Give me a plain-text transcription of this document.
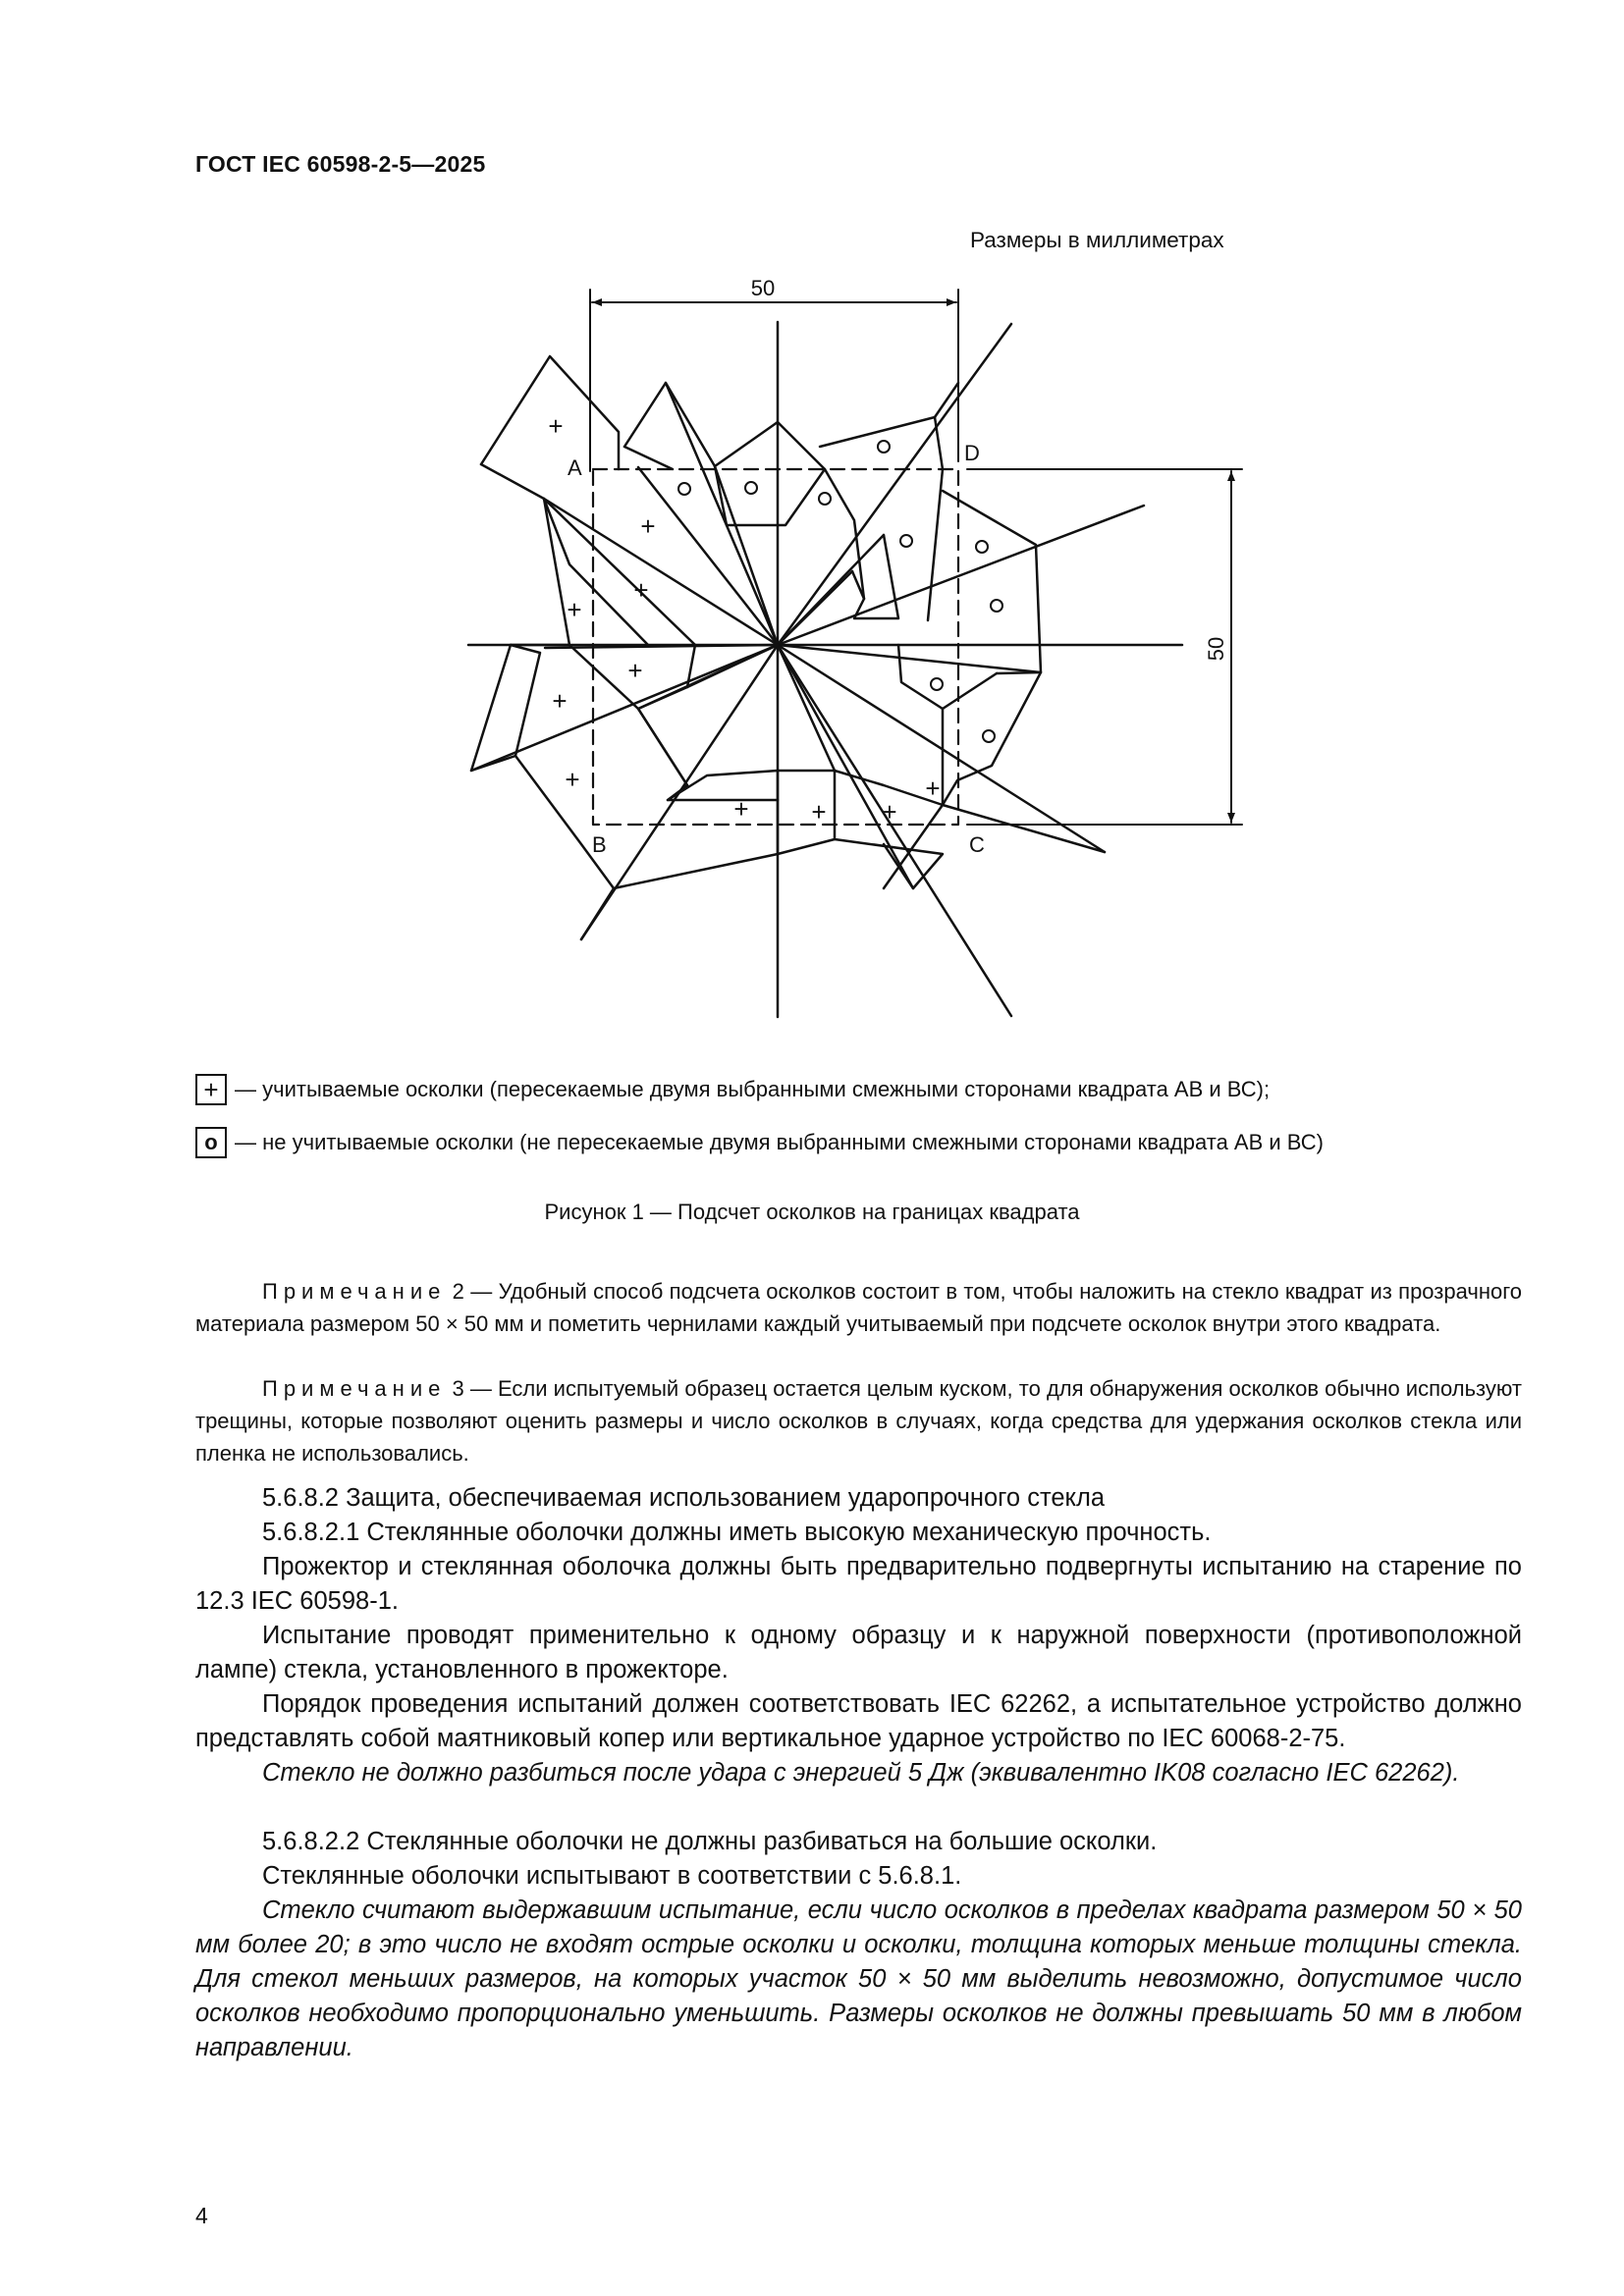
ГОСТ IEC 60598-2-5—2025
Размеры в миллиметрах
+
+
+
+
+
+
+
+ + +
+
50
50
A
B	C
D
+ — учитываемые осколки (пересекаемые двумя выбранными смежными сторонами квадрата АВ и ВС);
о — не учитываемые осколки (не пересекаемые двумя выбранными смежными сторонами квадрата АВ и ВС)
Рисунок 1 — Подсчет осколков на границах квадрата
Примечание 2 — Удобный способ подсчета осколков состоит в том, чтобы наложить на стекло квадрат из прозрачного материала размером 50 × 50 мм и пометить чернилами каждый учитываемый при подсчете осколок внутри этого квадрата.
Примечание 3 — Если испытуемый образец остается целым куском, то для обнаружения осколков обычно используют трещины, которые позволяют оценить размеры и число осколков в случаях, когда средства для удержания осколков стекла или пленка не использовались.
5.6.8.2 Защита, обеспечиваемая использованием ударопрочного стекла
5.6.8.2.1 Стеклянные оболочки должны иметь высокую механическую прочность.
Прожектор и стеклянная оболочка должны быть предварительно подвергнуты испытанию на старение по 12.3 IEC 60598-1.
Испытание проводят применительно к одному образцу и к наружной поверхности (противоположной лампе) стекла, установленного в прожекторе.
Порядок проведения испытаний должен соответствовать IEC 62262, а испытательное устройство должно представлять собой маятниковый копер или вертикальное ударное устройство по IEC 60068-2-75.
Стекло не должно разбиться после удара с энергией 5 Дж (эквивалентно IK08 согласно IEC 62262).
5.6.8.2.2 Стеклянные оболочки не должны разбиваться на большие осколки.
Стеклянные оболочки испытывают в соответствии с 5.6.8.1.
Стекло считают выдержавшим испытание, если число осколков в пределах квадрата размером 50 × 50 мм более 20; в это число не входят острые осколки и осколки, толщина которых меньше толщины стекла. Для стекол меньших размеров, на которых участок 50 × 50 мм выделить невозможно, допустимое число осколков необходимо пропорционально уменьшить. Размеры осколков не должны превышать 50 мм в любом направлении.
4
